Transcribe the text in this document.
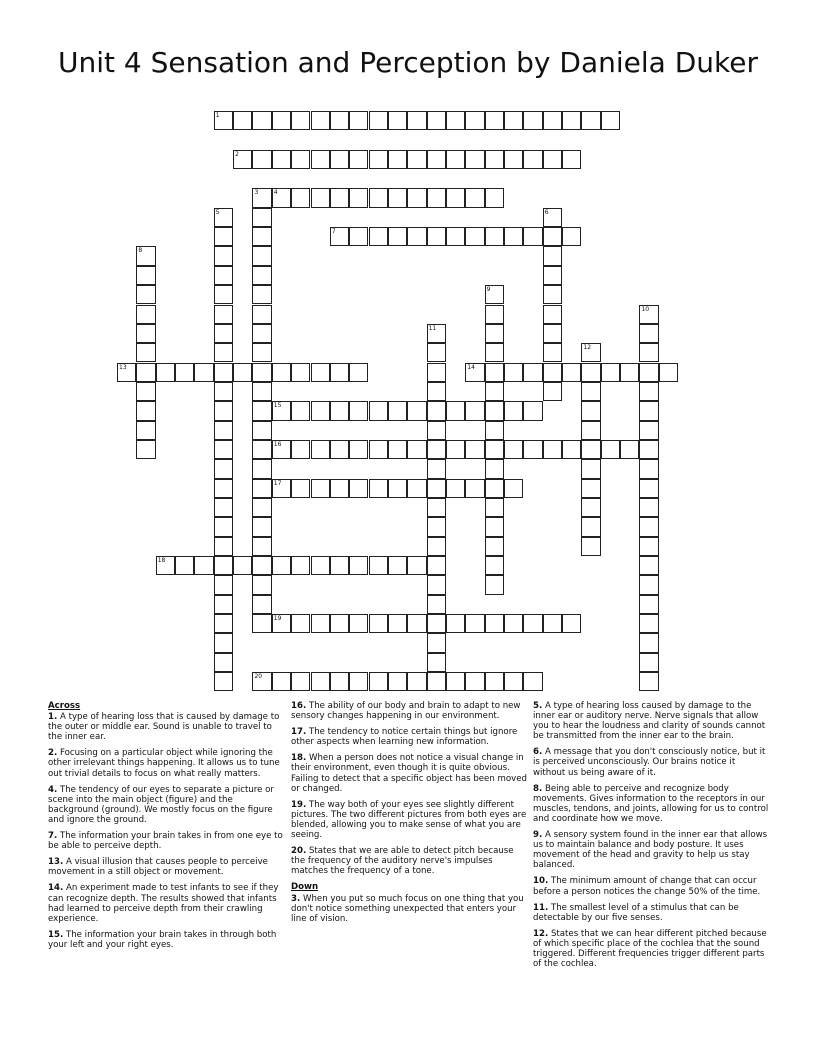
Unit 4 Sensation and Perception by Daniela Duker
1
2
3	4
5	6
7
8
9
10
11
12
13	14
15
16
17
18
19
20
Across
1. A type of hearing loss that is caused by damage to the outer or middle ear. Sound is unable to travel to the inner ear.
2. Focusing on a particular object while ignoring the other irrelevant things happening. It allows us to tune out trivial details to focus on what really matters.
4. The tendency of our eyes to separate a picture or scene into the main object (figure) and the background (ground). We mostly focus on the figure and ignore the ground.
7. The information your brain takes in from one eye to be able to perceive depth.
13. A visual illusion that causes people to perceive movement in a still object or movement.
14. An experiment made to test infants to see if they can recognize depth. The results showed that infants had learned to perceive depth from their crawling experience.
15. The information your brain takes in through both your left and your right eyes.
16. The ability of our body and brain to adapt to new sensory changes happening in our environment.
17. The tendency to notice certain things but ignore other aspects when learning new information.
18. When a person does not notice a visual change in their environment, even though it is quite obvious. Failing to detect that a specific object has been moved or changed.
19. The way both of your eyes see slightly different pictures. The two different pictures from both eyes are blended, allowing you to make sense of what you are seeing.
20. States that we are able to detect pitch because the frequency of the auditory nerve's impulses matches the frequency of a tone.
Down
3. When you put so much focus on one thing that you don't notice something unexpected that enters your line of vision.
5. A type of hearing loss caused by damage to the inner ear or auditory nerve. Nerve signals that allow you to hear the loudness and clarity of sounds cannot be transmitted from the inner ear to the brain.
6. A message that you don't consciously notice, but it is perceived unconsciously. Our brains notice it without us being aware of it.
8. Being able to perceive and recognize body movements. Gives information to the receptors in our muscles, tendons, and joints, allowing for us to control and coordinate how we move.
9. A sensory system found in the inner ear that allows us to maintain balance and body posture. It uses movement of the head and gravity to help us stay balanced.
10. The minimum amount of change that can occur before a person notices the change 50% of the time.
11. The smallest level of a stimulus that can be detectable by our five senses.
12. States that we can hear different pitched because of which specific place of the cochlea that the sound triggered. Different frequencies trigger different parts of the cochlea.
